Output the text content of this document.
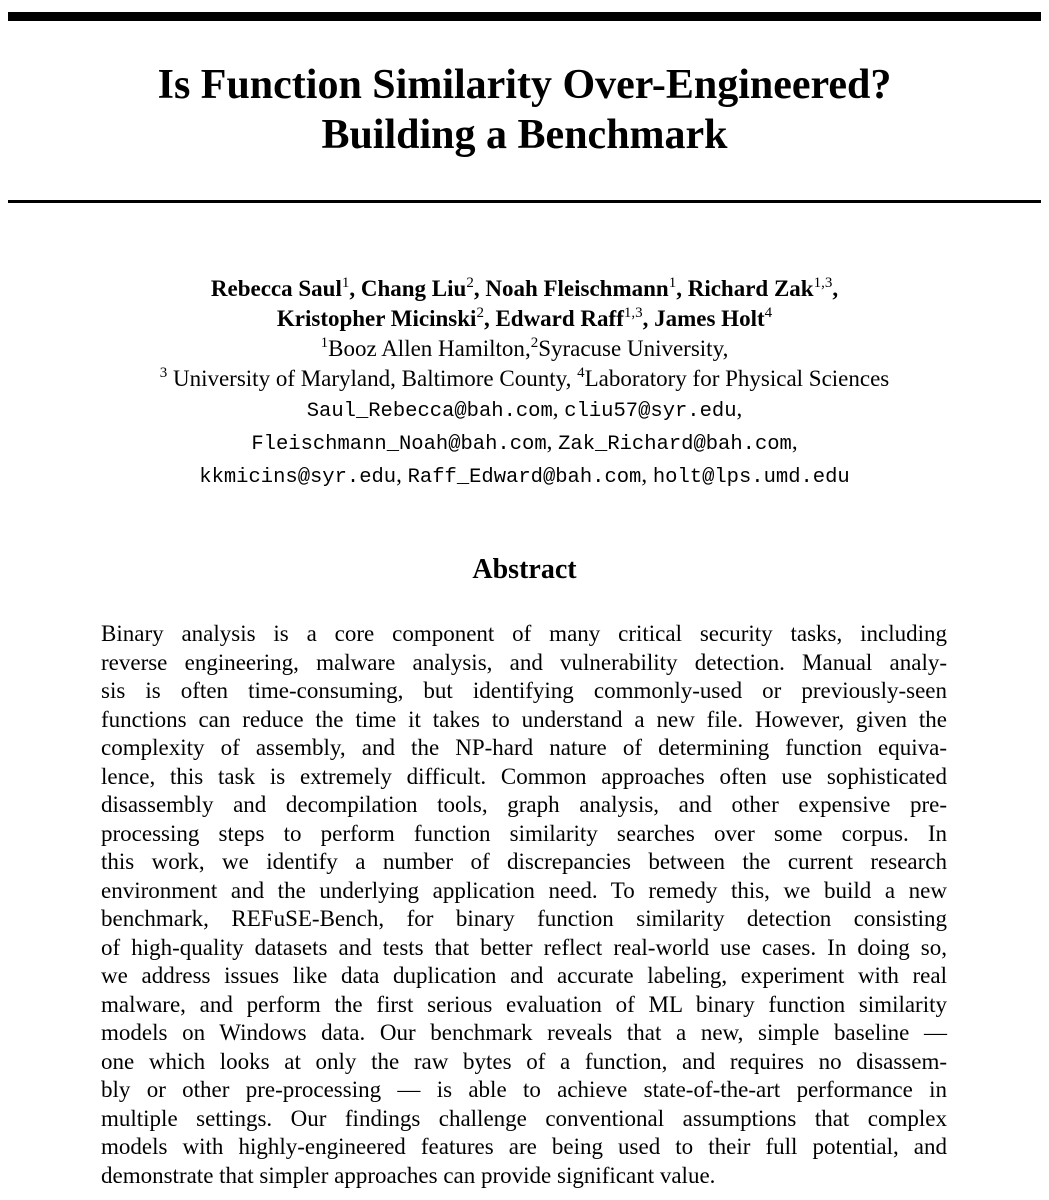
Is Function Similarity Over-Engineered?
Building a Benchmark
Rebecca Saul$^1$, Chang Liu$^2$, Noah Fleischmann$^1$, Richard Zak$^{1,3}$,
Kristopher Micinski$^2$, Edward Raff$^{1,3}$, James Holt$^4$
$^1$Booz Allen Hamilton,$^2$Syracuse University,
$^3$ University of Maryland, Baltimore County, $^4$Laboratory for Physical Sciences
Saul_Rebecca@bah.com, cliu57@syr.edu,
Fleischmann_Noah@bah.com, Zak_Richard@bah.com,
kkmicins@syr.edu, Raff_Edward@bah.com, holt@lps.umd.edu
Abstract
Binary analysis is a core component of many critical security tasks, including
reverse engineering, malware analysis, and vulnerability detection. Manual analy-
sis is often time-consuming, but identifying commonly-used or previously-seen
functions can reduce the time it takes to understand a new file. However, given the
complexity of assembly, and the NP-hard nature of determining function equiva-
lence, this task is extremely difficult. Common approaches often use sophisticated
disassembly and decompilation tools, graph analysis, and other expensive pre-
processing steps to perform function similarity searches over some corpus. In
this work, we identify a number of discrepancies between the current research
environment and the underlying application need. To remedy this, we build a new
benchmark, REFuSE-Bench, for binary function similarity detection consisting
of high-quality datasets and tests that better reflect real-world use cases. In doing so,
we address issues like data duplication and accurate labeling, experiment with real
malware, and perform the first serious evaluation of ML binary function similarity
models on Windows data. Our benchmark reveals that a new, simple baseline —
one which looks at only the raw bytes of a function, and requires no disassem-
bly or other pre-processing — is able to achieve state-of-the-art performance in
multiple settings. Our findings challenge conventional assumptions that complex
models with highly-engineered features are being used to their full potential, and
demonstrate that simpler approaches can provide significant value.
